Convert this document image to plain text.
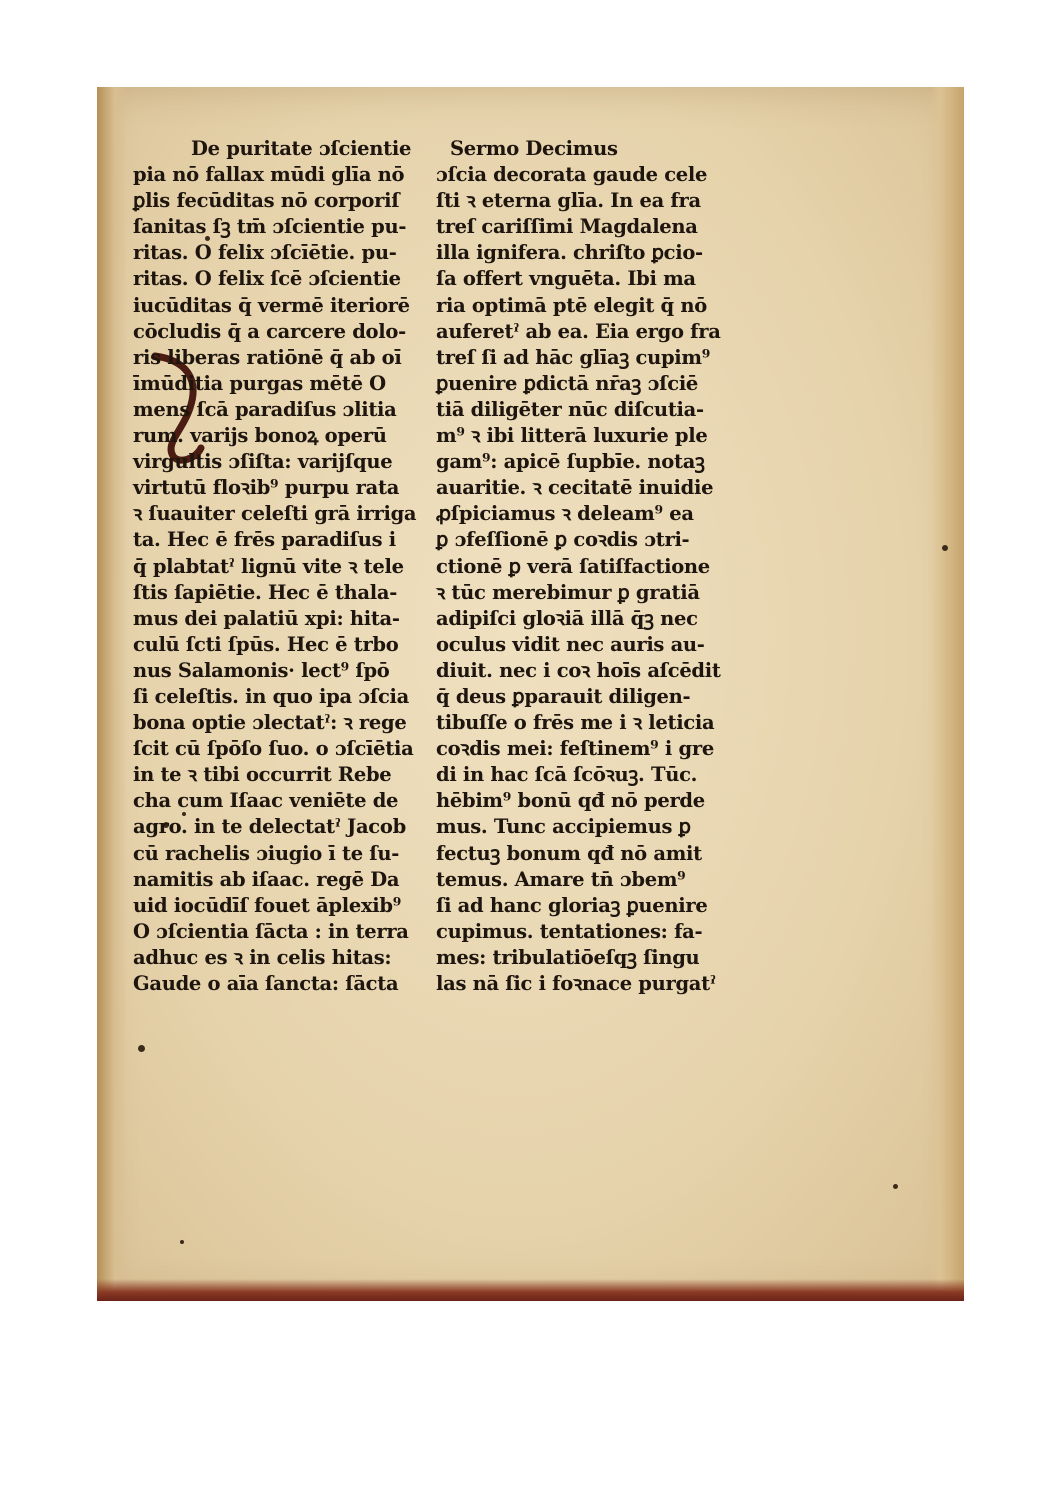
De puritate ɔſcientie
pia nō fallax mūdi glīa nō
ꝑlis fecūditas nō corporiſ
ſanitas ſꝫ tm̄ ɔſcientie pu-
ritas. O felix ɔſcīētie. pu-
ritas. O felix ſcē ɔſcientie
iucūditas q̄ vermē iteriorē
cōcludis q̄ a carcere dolo-
ris liberas ratiōnē q̄ ab oī
īmūditia purgas mētē O
mens ſcā paradiſus ɔlitia
rum. varijs bonoꝝ operū
virgultis ɔſiſta: varijſque
virtutū floꝛib⁹ purpu rata
ꝛ ſuauiter celeſti grā irriga
ta. Hec ē frēs paradiſus i
q̄ plabtatˀ lignū vite ꝛ tele
ſtis ſapiētie. Hec ē thala-
mus dei palatiū xpi: hita-
culū ſcti ſpūs. Hec ē trbo
nus Salamonis· lect⁹ ſpō
ſi celeſtis. in quo ipa ɔſcia
bona optie ɔlectatˀ: ꝛ rege
ſcit cū ſpōſo ſuo. o ɔſcīētia
in te ꝛ tibi occurrit Rebe
cha cum Iſaac veniēte de
agro. in te delectatˀ Jacob
cū rachelis ɔiugio ī te ſu-
namitis ab iſaac. regē Da
uid iocūdīſ fouet āplexib⁹
O ɔſcientia ſācta : in terra
adhuc es ꝛ in celis hitas:
Gaude o aīa ſancta: ſācta
Sermo Decimus
ɔſcia decorata gaude cele
ſti ꝛ eterna glīa. In ea fra
treſ cariſſimi Magdalena
illa ignifera. chriſto ꝑcio-
ſa offert vnguēta. Ibi ma
ria optimā ptē elegit q̄ nō
auferetˀ ab ea. Eia ergo fra
treſ ſi ad hāc glīaꝫ cupim⁹
ꝑuenire ꝑdictā nr̄aꝫ ɔſciē
tiā diligēter nūc diſcutia-
m⁹ ꝛ ibi litterā luxurie ple
gam⁹: apicē ſupbīe. notaꝫ
auaritie. ꝛ cecitatē inuidie
ꝓſpiciamus ꝛ deleam⁹ ea
ꝑ ɔfeſſionē ꝑ coꝛdis ɔtri-
ctionē ꝑ verā ſatiſfactione
ꝛ tūc merebimur ꝑ gratiā
adipiſci gloꝛiā illā q̄ꝫ nec
oculus vidit nec auris au-
diuit. nec i coꝛ hoīs aſcēdit
q̄ deus ꝑparauit diligen-
tibuſſe o frēs me i ꝛ leticia
coꝛdis mei: feſtinem⁹ i gre
di in hac ſcā ſcōꝛuꝫ. Tūc.
hēbim⁹ bonū qđ nō perde
mus. Tunc accipiemus ꝑ
fectuꝫ bonum qđ nō amit
temus. Amare tn̄ ɔbem⁹
ſi ad hanc gloriaꝫ ꝑuenire
cupimus. tentationes: fa-
mes: tribulatiōeſqꝫ ſingu
las nā ſic i foꝛnace purgatˀ
